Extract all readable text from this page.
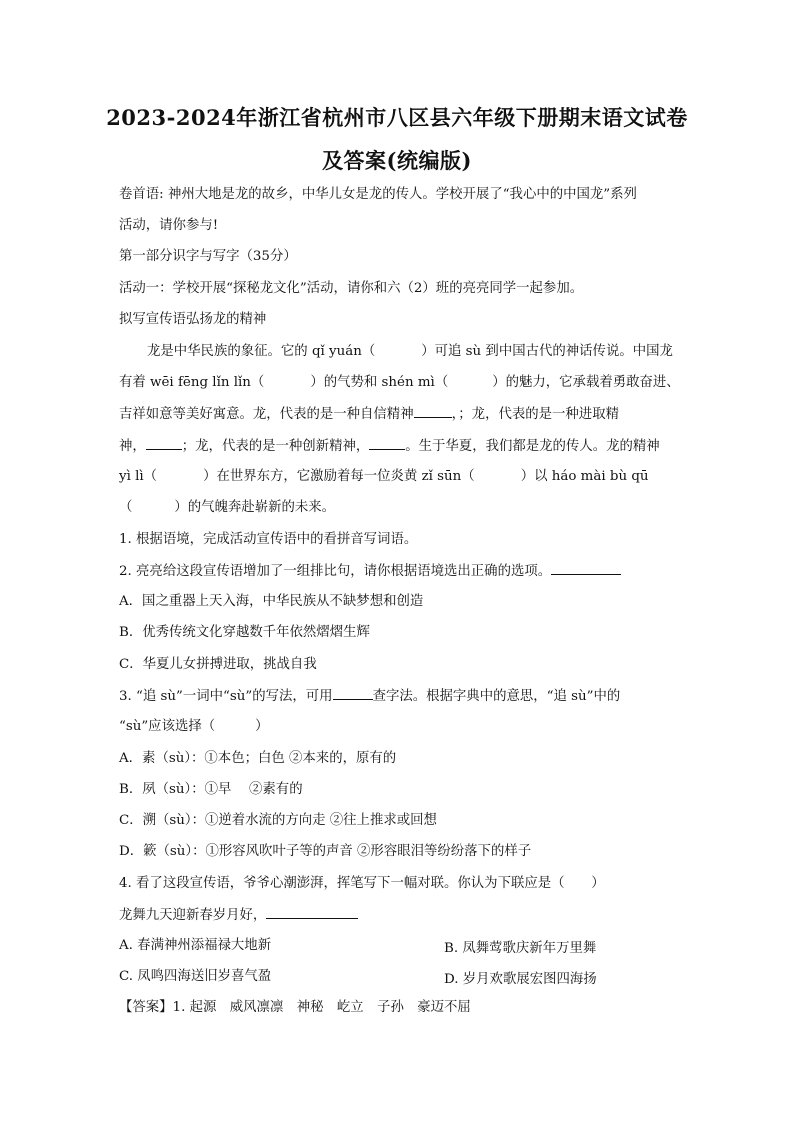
2023-2024年浙江省杭州市八区县六年级下册期末语文试卷
及答案(统编版)
卷首语: 神州大地是龙的故乡，中华儿女是龙的传人。学校开展了“我心中的中国龙”系列
活动，请你参与!
第一部分识字与写字（35分）
活动一：学校开展“探秘龙文化”活动，请你和六（2）班的亮亮同学一起参加。
拟写宣传语弘扬龙的精神
龙是中华民族的象征。它的 qǐ yuán（	）可追 sù 到中国古代的神话传说。中国龙
有着 wēi fēng lǐn lǐn（	）的气势和 shén mì（	）的魅力，它承载着勇敢奋进、
吉祥如意等美好寓意。龙，代表的是一种自信精神	，；龙，代表的是一种进取精
神，	；龙，代表的是一种创新精神，	。生于华夏，我们都是龙的传人。龙的精神
yì lì（	）在世界东方，它激励着每一位炎黄 zǐ sūn（	）以 háo mài bù qū
（	）的气魄奔赴崭新的未来。
1. 根据语境，完成活动宣传语中的看拼音写词语。
2. 亮亮给这段宣传语增加了一组排比句，请你根据语境选出正确的选项。
A．国之重器上天入海，中华民族从不缺梦想和创造
B．优秀传统文化穿越数千年依然熠熠生辉
C．华夏儿女拼搏进取，挑战自我
3. “追 sù”一词中“sù”的写法，可用	查字法。根据字典中的意思，“追 sù”中的
“sù”应该选择（	）
A．素（sù）：①本色；白色 ②本来的，原有的
B．夙（sù）：①早　 ②素有的
C．溯（sù）：①逆着水流的方向走 ②往上推求或回想
D．簌（sù）：①形容风吹叶子等的声音 ②形容眼泪等纷纷落下的样子
4. 看了这段宣传语，爷爷心潮澎湃，挥笔写下一幅对联。你认为下联应是（　　）
龙舞九天迎新春岁月好，
A. 春满神州添福禄大地新	B. 凤舞莺歌庆新年万里舞
C. 凤鸣四海送旧岁喜气盈	D. 岁月欢歌展宏图四海扬
【答案】1. 起源　威风凛凛　神秘　屹立　子孙　豪迈不屈
